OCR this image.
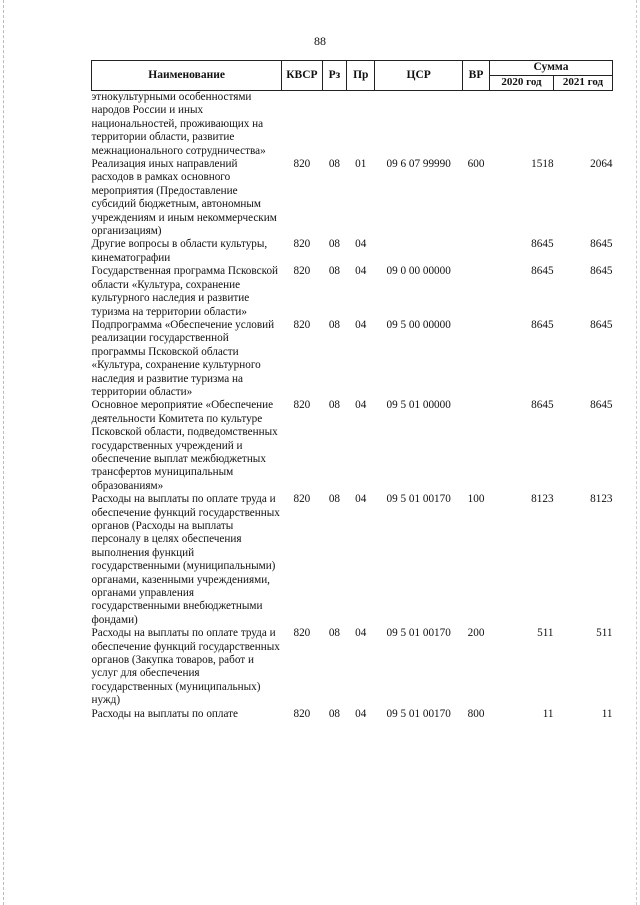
88
Наименование	КВСР	Рз	Пр	ЦСР	ВР	Сумма	
						2020 год	2021 год
этнокультурными особенностями народов России и иных национальностей, проживающих на территории области, развитие межнационального сотрудничества»							
Реализация иных направлений расходов в рамках основного мероприятия (Предоставление субсидий бюджетным, автономным учреждениям и иным некоммерческим организациям)	820	08	01	09 6 07 99990	600	1518	2064
Другие вопросы в области культуры, кинематографии	820	08	04			8645	8645
Государственная программа Псковской области «Культура, сохранение культурного наследия и развитие туризма на территории области»	820	08	04	09 0 00 00000		8645	8645
Подпрограмма «Обеспечение условий реализации государственной программы Псковской области «Культура, сохранение культурного наследия и развитие туризма на территории области»	820	08	04	09 5 00 00000		8645	8645
Основное мероприятие «Обеспечение деятельности Комитета по культуре Псковской области, подведомственных государственных учреждений и обеспечение выплат межбюджетных трансфертов муниципальным образованиям»	820	08	04	09 5 01 00000		8645	8645
Расходы на выплаты по оплате труда и обеспечение функций государственных органов (Расходы на выплаты персоналу в целях обеспечения выполнения функций государственными (муниципальными) органами, казенными учреждениями, органами управления государственными внебюджетными фондами)	820	08	04	09 5 01 00170	100	8123	8123
Расходы на выплаты по оплате труда и обеспечение функций государственных органов (Закупка товаров, работ и услуг для обеспечения государственных (муниципальных) нужд)	820	08	04	09 5 01 00170	200	511	511
Расходы на выплаты по оплате	820	08	04	09 5 01 00170	800	11	11
